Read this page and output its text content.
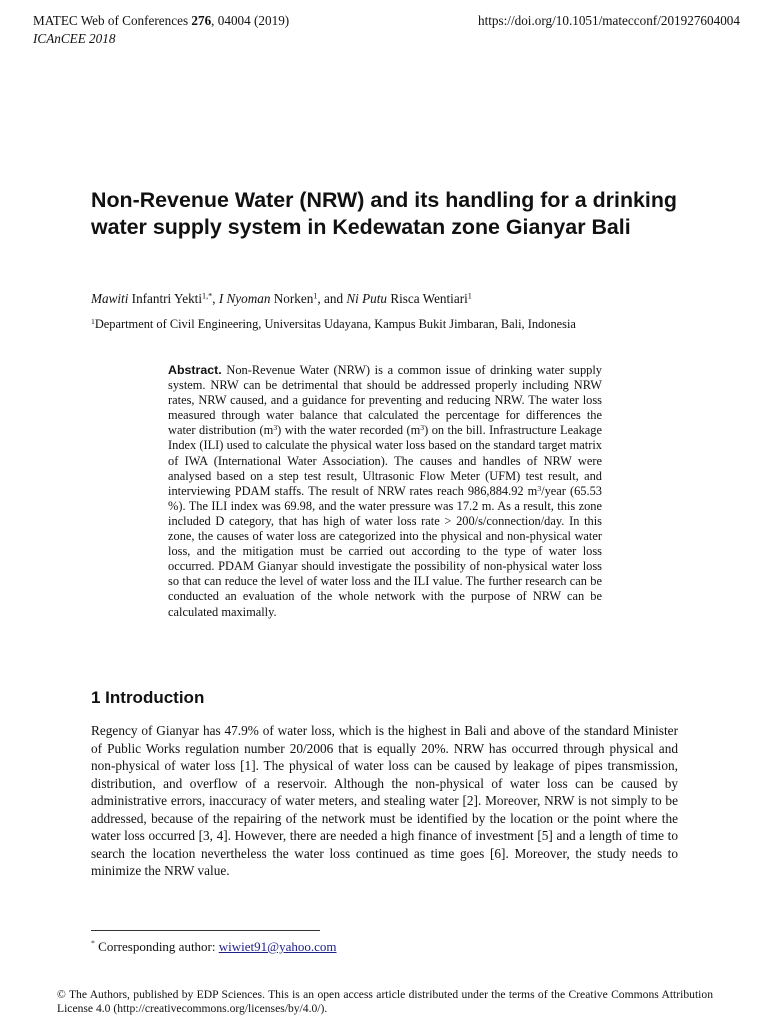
MATEC Web of Conferences 276, 04004 (2019)	https://doi.org/10.1051/matecconf/201927604004
ICAnCEE 2018
Non-Revenue Water (NRW) and its handling for a drinking water supply system in Kedewatan zone Gianyar Bali
Mawiti Infantri Yekti$^{1,*}$, I Nyoman Norken$^1$, and Ni Putu Risca Wentiari$^1$
$^1$Department of Civil Engineering, Universitas Udayana, Kampus Bukit Jimbaran, Bali, Indonesia

Abstract. Non-Revenue Water (NRW) is a common issue of drinking water supply system. NRW can be detrimental that should be addressed properly including NRW rates, NRW caused, and a guidance for preventing and reducing NRW. The water loss measured through water balance that calculated the percentage for differences the water distribution $(m^3)$ with the water recorded $(m^3)$ on the bill. Infrastructure Leakage Index (ILI) used to calculate the physical water loss based on the standard target matrix of IWA (International Water Association). The causes and handles of NRW were analysed based on a step test result, Ultrasonic Flow Meter (UFM) test result, and interviewing PDAM staffs. The result of NRW rates reach 986,884.92 $m^3$/year (65.53 %). The ILI index was 69.98, and the water pressure was 17.2 m. As a result, this zone included D category, that has high of water loss rate > 200/s/connection/day. In this zone, the causes of water loss are categorized into the physical and non-physical water loss, and the mitigation must be carried out according to the type of water loss occurred. PDAM Gianyar should investigate the possibility of non-physical water loss so that can reduce the level of water loss and the ILI value. The further research can be conducted an evaluation of the whole network with the purpose of NRW can be calculated maximally.

1 Introduction

Regency of Gianyar has 47.9% of water loss, which is the highest in Bali and above of the standard Minister of Public Works regulation number 20/2006 that is equally 20%. NRW has occurred through physical and non-physical of water loss [1]. The physical of water loss can be caused by leakage of pipes transmission, distribution, and overflow of a reservoir. Although the non-physical of water loss can be caused by administrative errors, inaccuracy of water meters, and stealing water [2]. Moreover, NRW is not simply to be addressed, because of the repairing of the network must be identified by the location or the point where the water loss occurred [3, 4]. However, there are needed a high finance of investment [5] and a length of time to search the location nevertheless the water loss continued as time goes [6]. Moreover, the study needs to minimize the NRW value.

* Corresponding author: wiwiet91@yahoo.com

© The Authors, published by EDP Sciences. This is an open access article distributed under the terms of the Creative Commons Attribution License 4.0 (http://creativecommons.org/licenses/by/4.0/).
